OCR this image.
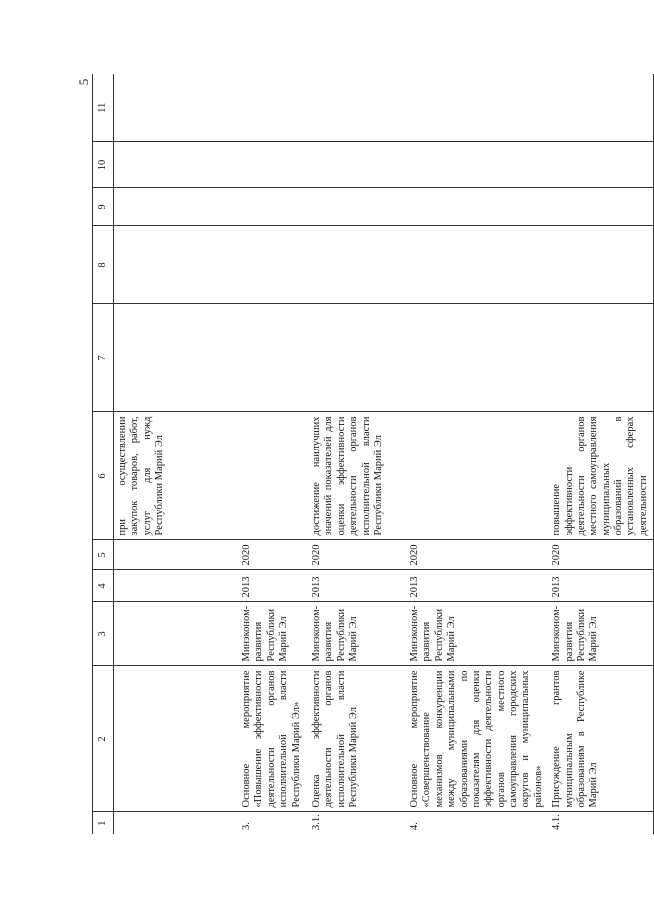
5
1	2	3	4	5	6	7	8	9	10	11
					при осуществлении закупок товаров, работ, услуг для нужд Республики Марий Эл					
3.	Основное мероприятие «Повышение эффективности деятельности органов исполнительной власти Республики Марий Эл»	Минэконом-развития Республики Марий Эл	2013	2020						
3.1.	Оценка эффективности деятельности органов исполнительной власти Республики Марий Эл	Минэконом-развития Республики Марий Эл	2013	2020	достижение наилучших значений показателей для оценки эффективности деятельности органов исполнительной власти Республики Марий Эл					
4.	Основное мероприятие «Совершенствование механизмов конкуренции между муниципальными образованиями по показателям для оценки эффективности деятельности органов местного самоуправления городских округов и муниципальных районов»	Минэконом-развития Республики Марий Эл	2013	2020						
4.1.	Присуждение грантов муниципальным образованиям в Республике Марий Эл	Минэконом-развития Республики Марий Эл	2013	2020	повышение эффективности деятельности органов местного самоуправления муниципальных образований в установленных сферах деятельности					
